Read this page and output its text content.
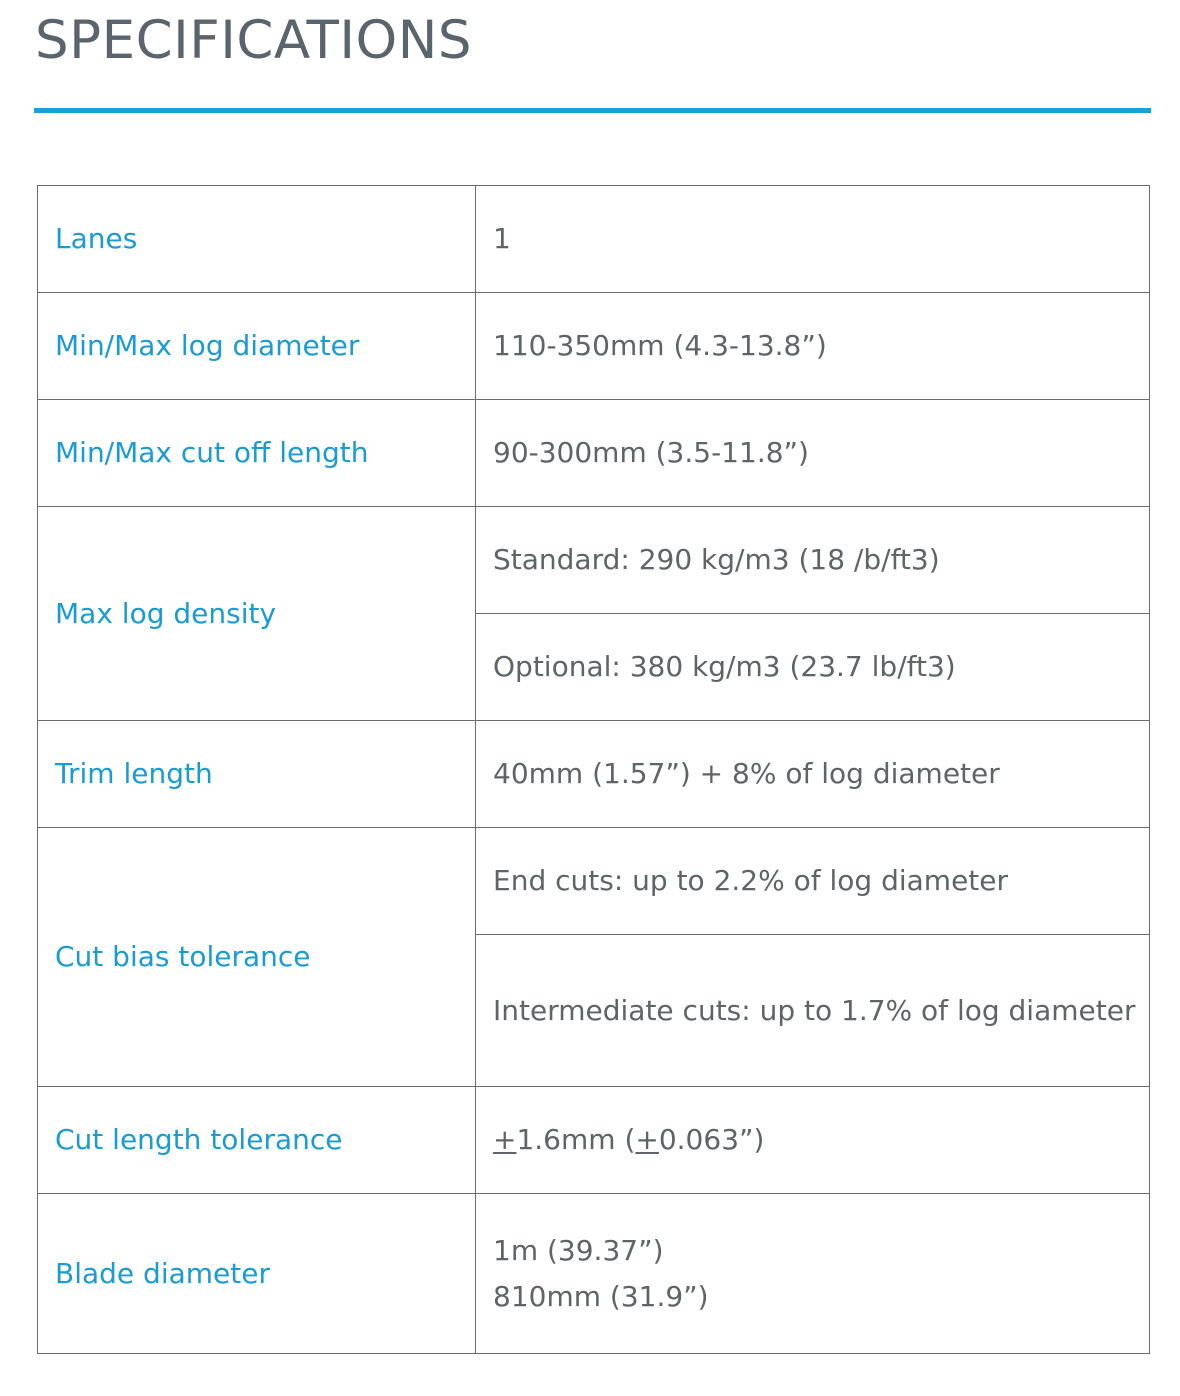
SPECIFICATIONS
Lanes	1
Min/Max log diameter	110-350mm (4.3-13.8”)
Min/Max cut off length	90-300mm (3.5-11.8”)
Max log density	Standard: 290 kg/m3 (18 /b/ft3)
	Optional: 380 kg/m3 (23.7 lb/ft3)
Trim length	40mm (1.57”) + 8% of log diameter
Cut bias tolerance	End cuts: up to 2.2% of log diameter
	Intermediate cuts: up to 1.7% of log diameter
Cut length tolerance	+1.6mm (+0.063”)
Blade diameter	1m (39.37”)
810mm (31.9”)
